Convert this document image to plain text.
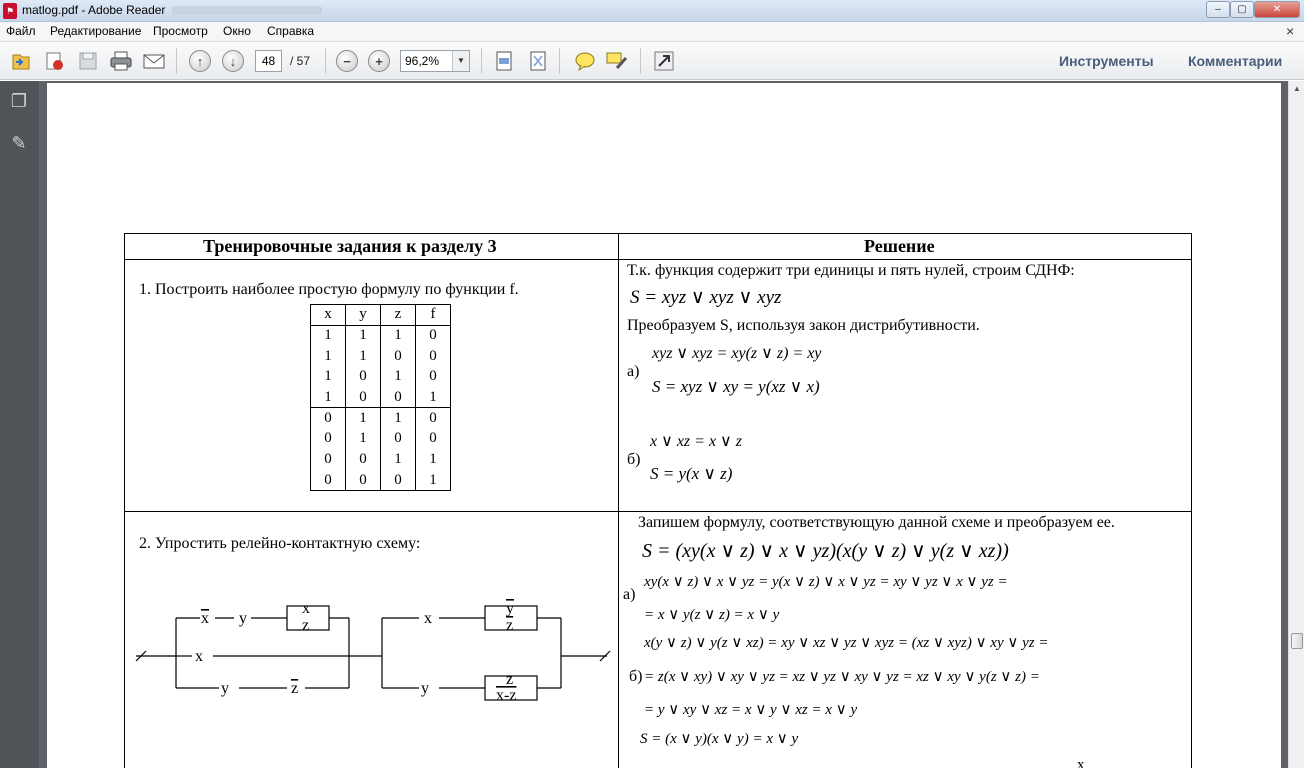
⚑ matlog.pdf - Adobe Reader	–	▢	✕
Файл Редактирование Просмотр Окно Справка	×
↑	↓	48	/ 57	−	+	96,2%	▼	Инструменты Комментарии
❐
✎
Тренировочные задания к разделу 3	Решение
1. Построить наиболее простую формулу по функции f.
x	y	z	f
1	1	1	0
1	1	0	0
1	0	1	0
1	0	0	1
0	1	1	0
0	1	0	0
0	0	1	1
0	0	0	1
Т.к. функция содержит три единицы и пять нулей, строим СДНФ:
S = xyz ∨ xyz ∨ xyz
Преобразуем S, используя закон дистрибутивности.
а)
xyz ∨ xyz = xy(z ∨ z) = xy
S = xyz ∨ xy = y(xz ∨ x)
б)
x ∨ xz = x ∨ z
S = y(x ∨ z)
2. Упростить релейно-контактную схему:
x y
x
z
x
y	z
x
y
z
y
z
x-z
Запишем формулу, соответствующую данной схеме и преобразуем ее.
S = (xy(x ∨ z) ∨ x ∨ yz)(x(y ∨ z) ∨ y(z ∨ xz))
а)
xy(x ∨ z) ∨ x ∨ yz = y(x ∨ z) ∨ x ∨ yz = xy ∨ yz ∨ x ∨ yz =
= x ∨ y(z ∨ z) = x ∨ y
x(y ∨ z) ∨ y(z ∨ xz) = xy ∨ xz ∨ yz ∨ xyz = (xz ∨ xyz) ∨ xy ∨ yz =
б) = z(x ∨ xy) ∨ xy ∨ yz = xz ∨ yz ∨ xy ∨ yz = xz ∨ xy ∨ y(z ∨ z) =
= y ∨ xy ∨ xz = x ∨ y ∨ xz = x ∨ y
S = (x ∨ y)(x ∨ y) = x ∨ y
x
▲
